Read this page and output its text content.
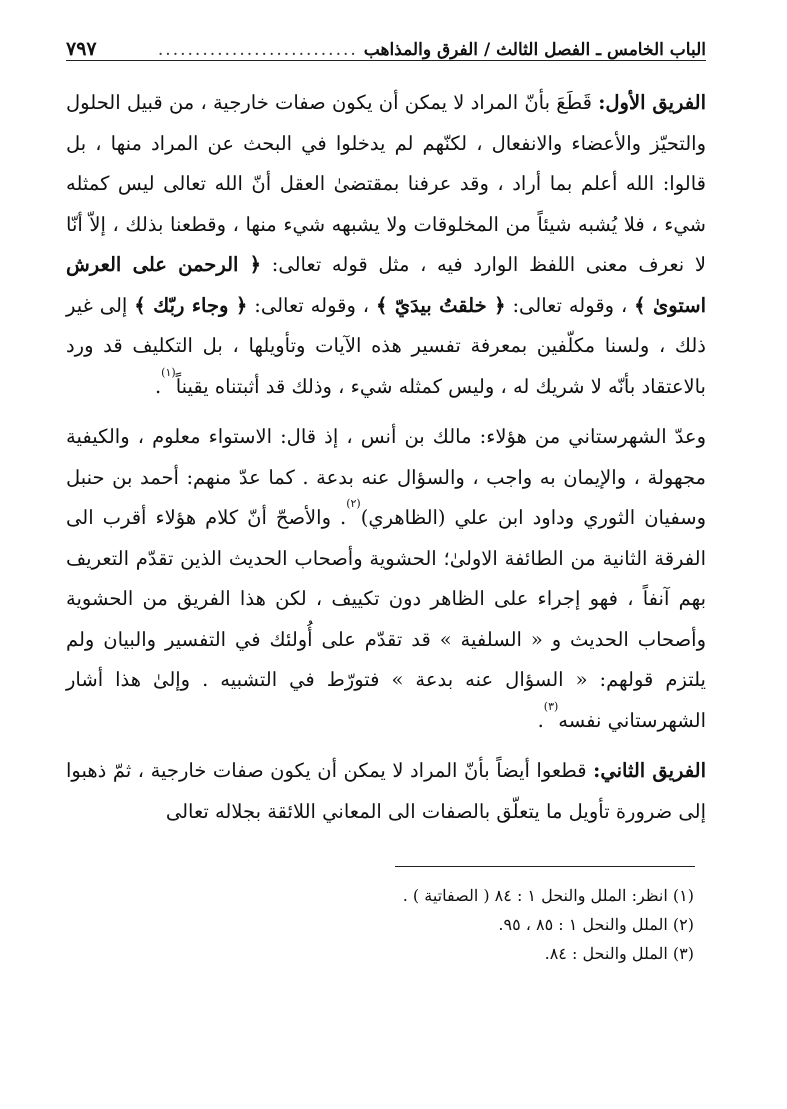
الباب الخامس ـ الفصل الثالث / الفرق والمذاهب
...........................
٧٩٧

الفريق الأول: قَطَعَ بأنّ المراد لا يمكن أن يكون صفات خارجية ، من قبيل الحلول والتحيّز والأعضاء والانفعال ، لكنّهم لم يدخلوا في البحث عن المراد منها ، بل قالوا: الله أعلم بما أراد ، وقد عرفنا بمقتضىٰ العقل أنّ الله تعالى ليس كمثله شيء ، فلا يُشبه شيئاً من المخلوقات ولا يشبهه شيء منها ، وقطعنا بذلك ، إلاّ أنّا لا نعرف معنى اللفظ الوارد فيه ، مثل قوله تعالى: ﴿ الرحمن على العرش استوىٰ ﴾ ، وقوله تعالى: ﴿ خلقتُ بيدَيّ ﴾ ، وقوله تعالى: ﴿ وجاء ربّك ﴾ إلى غير ذلك ، ولسنا مكلّفين بمعرفة تفسير هذه الآيات وتأويلها ، بل التكليف قد ورد بالاعتقاد بأنّه لا شريك له ، وليس كمثله شيء ، وذلك قد أثبتناه يقيناً$^{(١)}$.

وعدّ الشهرستاني من هؤلاء: مالك بن أنس ، إذ قال: الاستواء معلوم ، والكيفية مجهولة ، والإيمان به واجب ، والسؤال عنه بدعة . كما عدّ منهم: أحمد بن حنبل وسفيان الثوري وداود ابن علي (الظاهري)$^{(٢)}$. والأصحّ أنّ كلام هؤلاء أقرب الى الفرقة الثانية من الطائفة الاولىٰ؛ الحشوية وأصحاب الحديث الذين تقدّم التعريف بهم آنفاً ، فهو إجراء على الظاهر دون تكييف ، لكن هذا الفريق من الحشوية وأصحاب الحديث و « السلفية » قد تقدّم على أُولئك في التفسير والبيان ولم يلتزم قولهم: « السؤال عنه بدعة » فتورّط في التشبيه . وإلىٰ هذا أشار الشهرستاني نفسه$^{(٣)}$.

الفريق الثاني: قطعوا أيضاً بأنّ المراد لا يمكن أن يكون صفات خارجية ، ثمّ ذهبوا إلى ضرورة تأويل ما يتعلّق بالصفات الى المعاني اللائقة بجلاله تعالى

(١) انظر: الملل والنحل ١ : ٨٤ ( الصفاتية ) .

(٢) الملل والنحل ١ : ٨٥ ، ٩٥.

(٣) الملل والنحل : ٨٤.
